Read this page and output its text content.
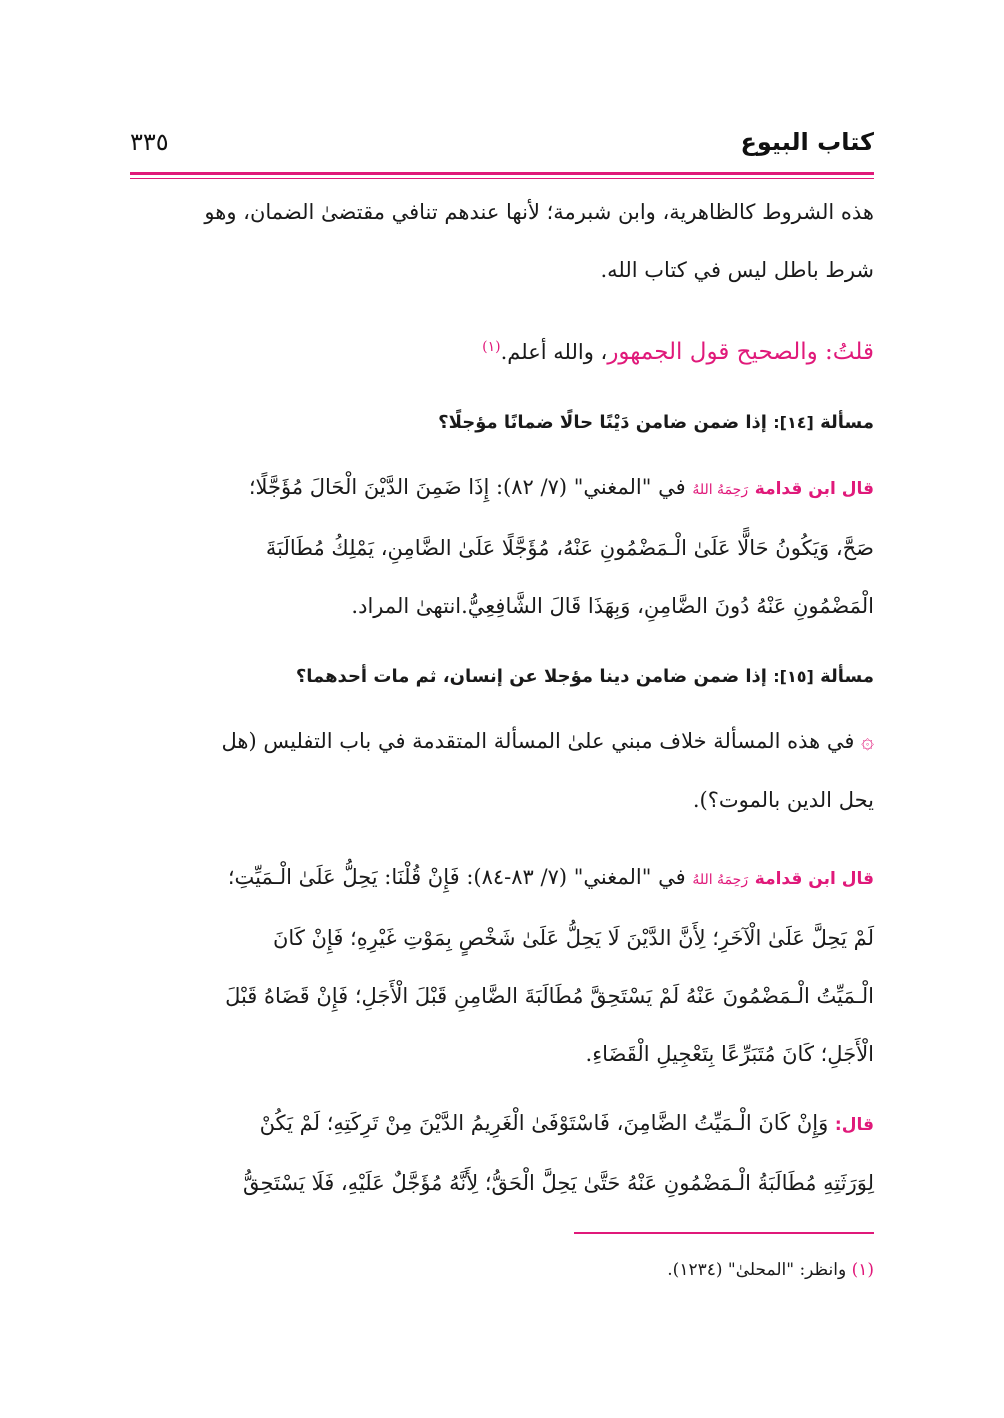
كتاب البيوع
٣٣٥
هذه الشروط كالظاهرية، وابن شبرمة؛ لأنها عندهم تنافي مقتضىٰ الضمان، وهو
شرط باطل ليس في كتاب الله.
قلتُ: والصحيح قول الجمهور، والله أعلم.$^{(١)}$
مسألة [١٤]: إذا ضمن ضامن دَيْنًا حالًا ضمانًا مؤجلًا؟
قال ابن قدامة رَحِمَهُ اللهُ في "المغني" (٧/ ٨٢): إِذَا ضَمِنَ الدَّيْنَ الْحَالَ مُؤَجَّلًا؛
صَحَّ، وَيَكُونُ حَالًّا عَلَىٰ الْـمَضْمُونِ عَنْهُ، مُؤَجَّلًا عَلَىٰ الضَّامِنِ، يَمْلِكُ مُطَالَبَةَ
الْمَضْمُونِ عَنْهُ دُونَ الضَّامِنِ، وَبِهَذَا قَالَ الشَّافِعِيُّ.انتهىٰ المراد.
مسألة [١٥]: إذا ضمن ضامن دينا مؤجلا عن إنسان، ثم مات أحدهما؟
۞ في هذه المسألة خلاف مبني علىٰ المسألة المتقدمة في باب التفليس (هل
يحل الدين بالموت؟).
قال ابن قدامة رَحِمَهُ اللهُ في "المغني" (٧/ ٨٣-٨٤): فَإِنْ قُلْنَا: يَحِلُّ عَلَىٰ الْـمَيِّتِ؛
لَمْ يَحِلَّ عَلَىٰ الْآخَرِ؛ لِأَنَّ الدَّيْنَ لَا يَحِلُّ عَلَىٰ شَخْصٍ بِمَوْتِ غَيْرِهِ؛ فَإِنْ كَانَ
الْـمَيِّتُ الْـمَضْمُونَ عَنْهُ لَمْ يَسْتَحِقَّ مُطَالَبَةَ الضَّامِنِ قَبْلَ الْأَجَلِ؛ فَإِنْ قَضَاهُ قَبْلَ
الْأَجَلِ؛ كَانَ مُتَبَرِّعًا بِتَعْجِيلِ الْقَضَاءِ.
قال: وَإِنْ كَانَ الْـمَيِّتُ الضَّامِنَ، فَاسْتَوْفَىٰ الْغَرِيمُ الدَّيْنَ مِنْ تَرِكَتِهِ؛ لَمْ يَكُنْ
لِوَرَثَتِهِ مُطَالَبَةُ الْـمَضْمُونِ عَنْهُ حَتَّىٰ يَحِلَّ الْحَقُّ؛ لِأَنَّهُ مُؤَجَّلٌ عَلَيْهِ، فَلَا يَسْتَحِقُّ
(١) وانظر: "المحلىٰ" (١٢٣٤).
